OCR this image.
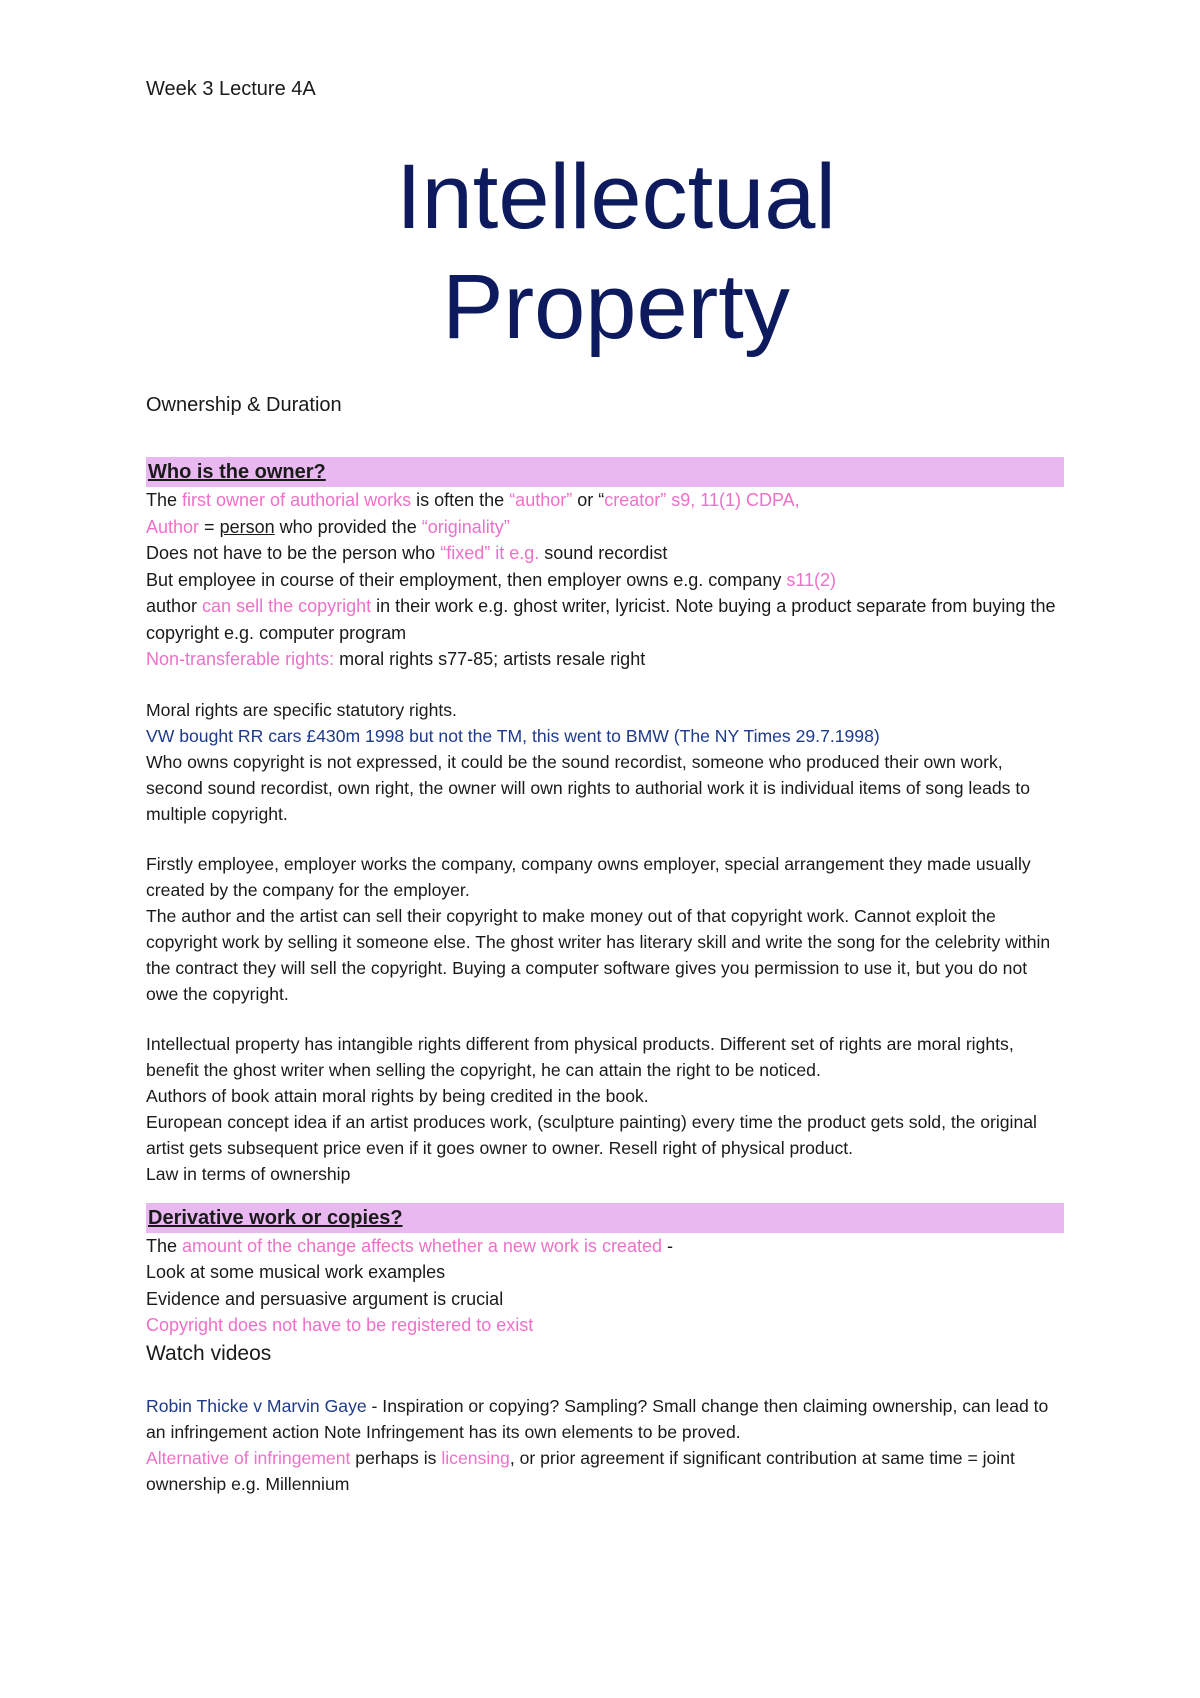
Week 3 Lecture 4A

Intellectual
Property

Ownership & Duration

Who is the owner?

The first owner of authorial works is often the “author” or “creator” s9, 11(1) CDPA,

Author = person who provided the “originality”

Does not have to be the person who “fixed” it e.g. sound recordist

But employee in course of their employment, then employer owns e.g. company s11(2)

author can sell the copyright in their work e.g. ghost writer, lyricist. Note buying a product separate from buying the copyright e.g. computer program

Non-transferable rights: moral rights s77-85; artists resale right

Moral rights are specific statutory rights.

VW bought RR cars £430m 1998 but not the TM, this went to BMW (The NY Times 29.7.1998)

Who owns copyright is not expressed, it could be the sound recordist, someone who produced their own work, second sound recordist, own right, the owner will own rights to authorial work it is individual items of song leads to multiple copyright.

Firstly employee, employer works the company, company owns employer, special arrangement they made usually created by the company for the employer.

The author and the artist can sell their copyright to make money out of that copyright work. Cannot exploit the copyright work by selling it someone else. The ghost writer has literary skill and write the song for the celebrity within the contract they will sell the copyright. Buying a computer software gives you permission to use it, but you do not owe the copyright.

Intellectual property has intangible rights different from physical products. Different set of rights are moral rights, benefit the ghost writer when selling the copyright, he can attain the right to be noticed.

Authors of book attain moral rights by being credited in the book.

European concept idea if an artist produces work, (sculpture painting) every time the product gets sold, the original artist gets subsequent price even if it goes owner to owner. Resell right of physical product.

Law in terms of ownership

Derivative work or copies?

The amount of the change affects whether a new work is created -

Look at some musical work examples

Evidence and persuasive argument is crucial

Copyright does not have to be registered to exist

Watch videos

Robin Thicke v Marvin Gaye - Inspiration or copying? Sampling? Small change then claiming ownership, can lead to an infringement action Note Infringement has its own elements to be proved.

Alternative of infringement perhaps is licensing, or prior agreement if significant contribution at same time = joint ownership e.g. Millennium
